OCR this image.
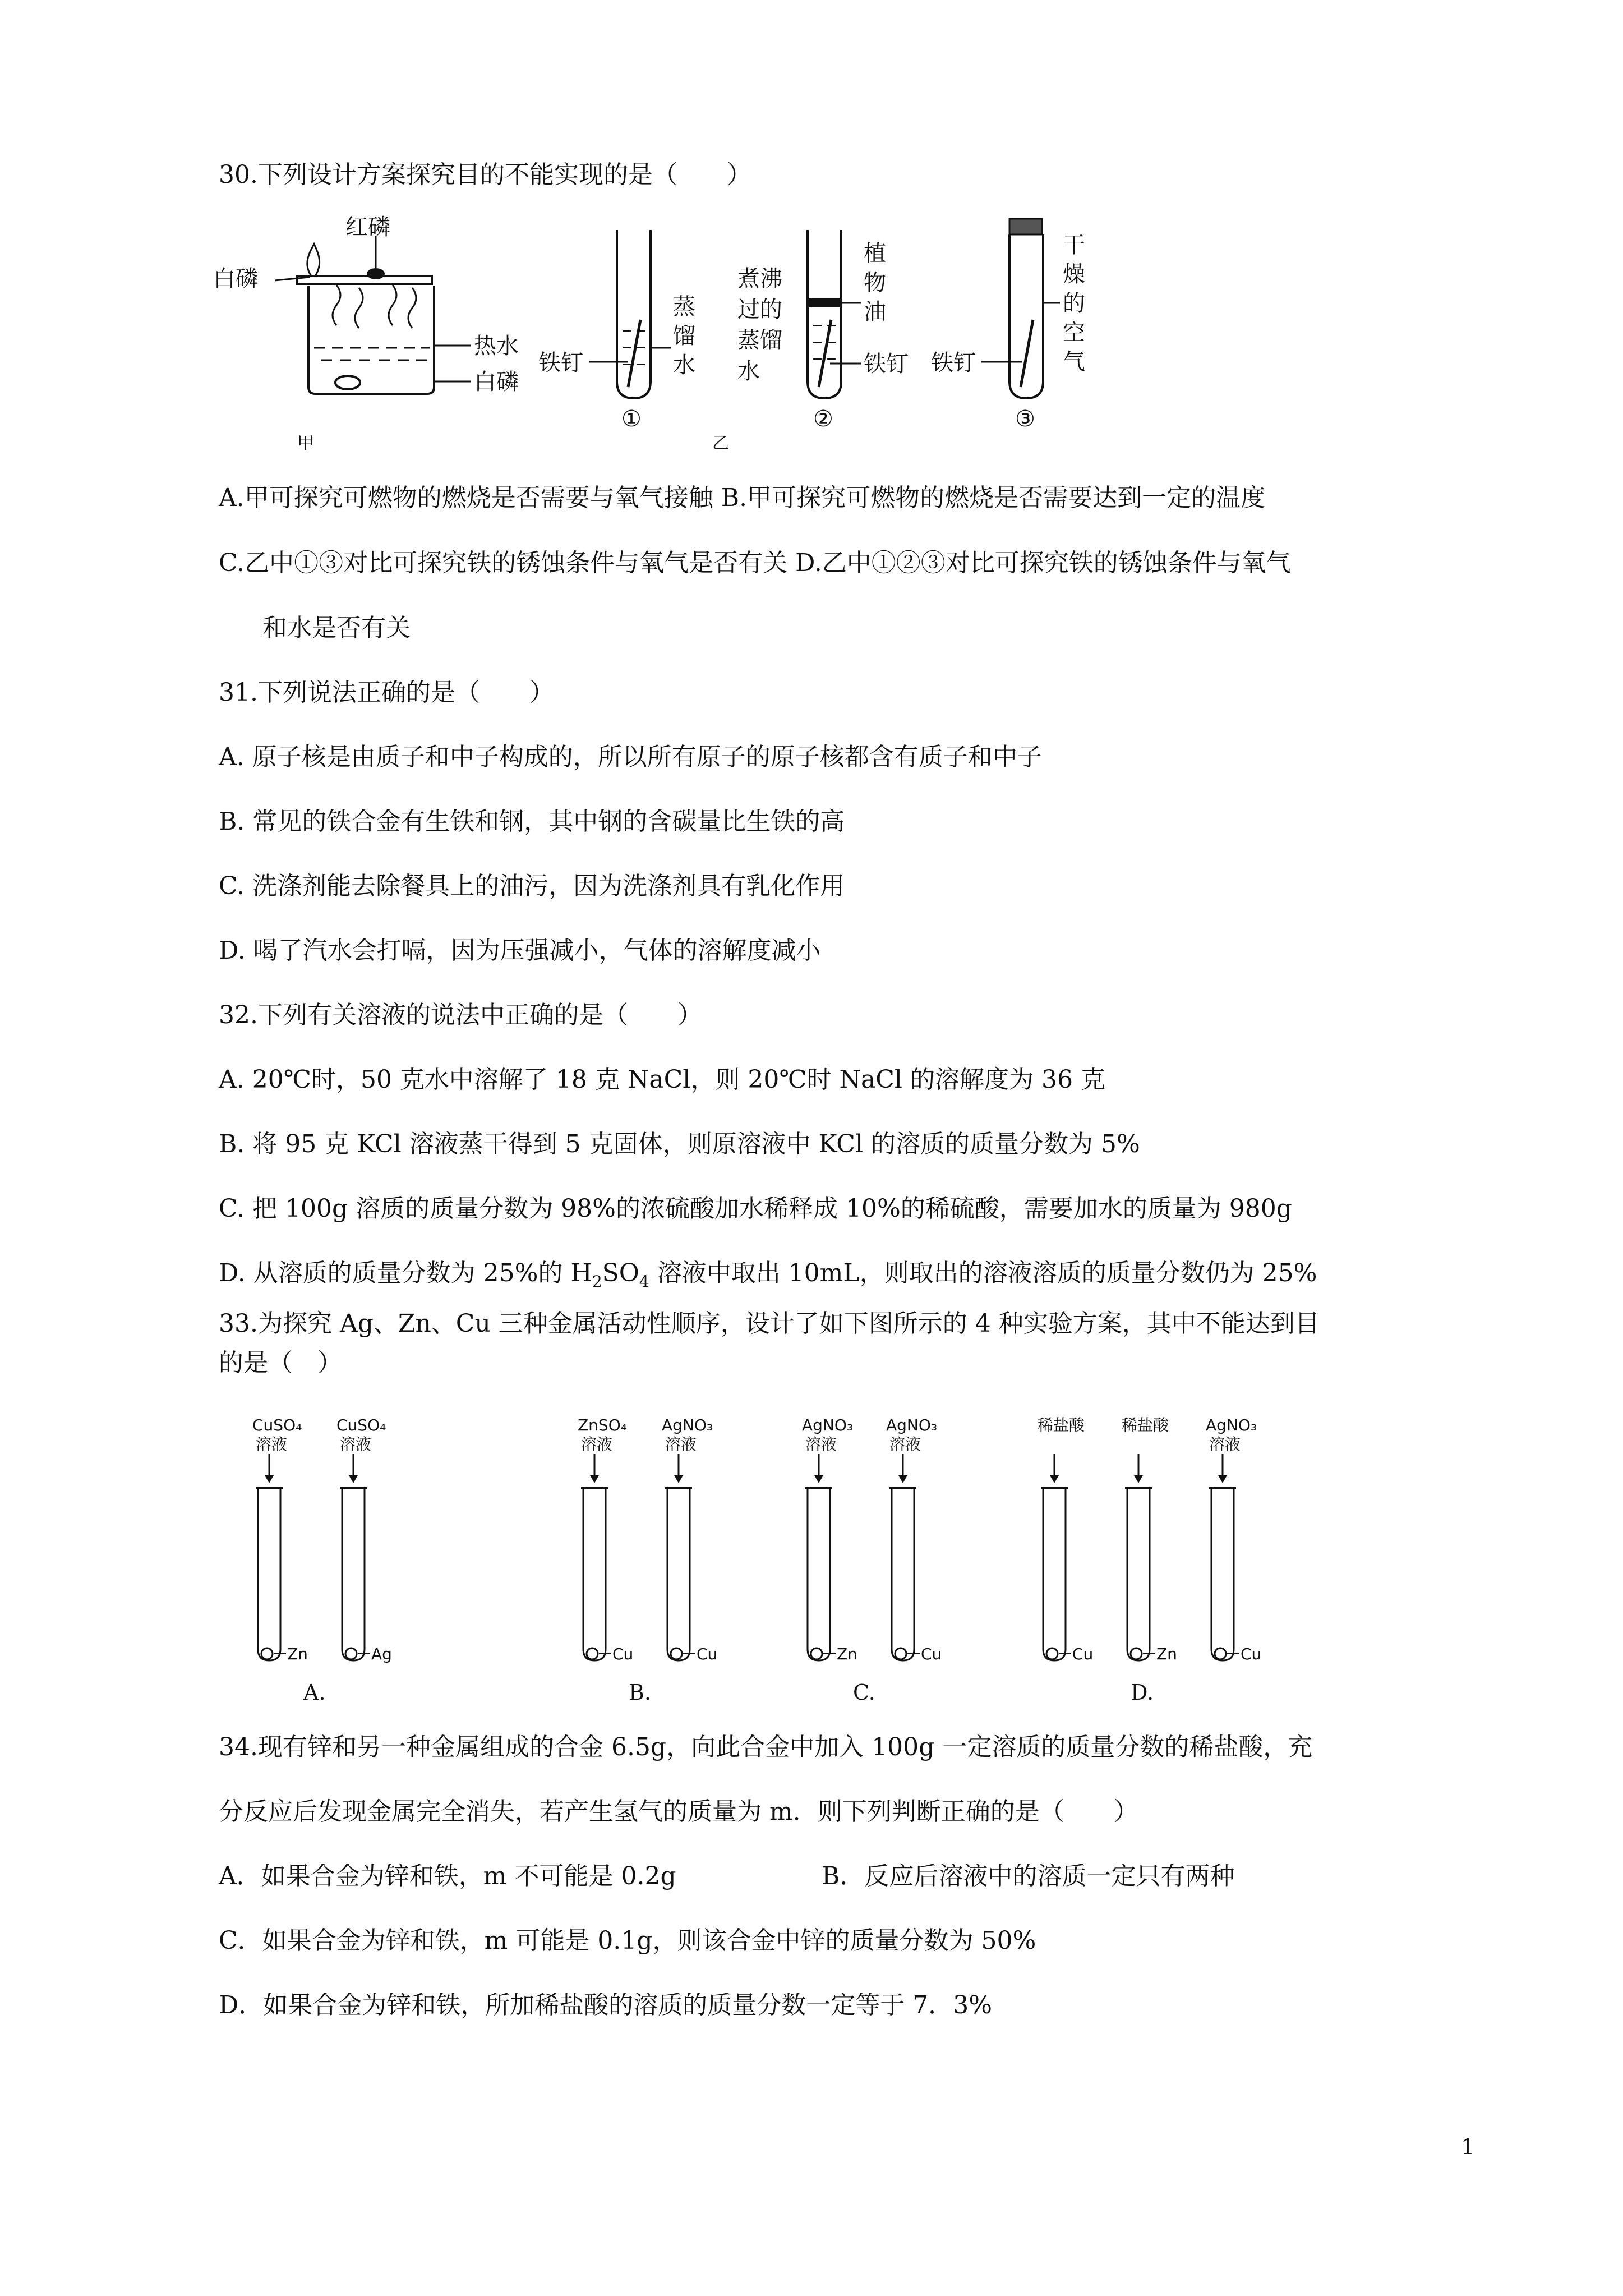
30.下列设计方案探究目的不能实现的是（　　）
红磷
白磷
热水
白磷
甲
铁钉
蒸
馏
水
①
煮沸
过的
蒸馏
水
植
物
油
铁钉
②
铁钉
干
燥
的
空
气
③
乙
A.甲可探究可燃物的燃烧是否需要与氧气接触 B.甲可探究可燃物的燃烧是否需要达到一定的温度
C.乙中①③对比可探究铁的锈蚀条件与氧气是否有关 D.乙中①②③对比可探究铁的锈蚀条件与氧气
和水是否有关
31.下列说法正确的是（　　）
A. 原子核是由质子和中子构成的，所以所有原子的原子核都含有质子和中子
B. 常见的铁合金有生铁和钢，其中钢的含碳量比生铁的高
C. 洗涤剂能去除餐具上的油污，因为洗涤剂具有乳化作用
D. 喝了汽水会打嗝，因为压强减小，气体的溶解度减小
32.下列有关溶液的说法中正确的是（　　）
A. 20℃时，50 克水中溶解了 18 克 NaCl，则 20℃时 NaCl 的溶解度为 36 克
B. 将 95 克 KCl 溶液蒸干得到 5 克固体，则原溶液中 KCl 的溶质的质量分数为 5%
C. 把 100g 溶质的质量分数为 98%的浓硫酸加水稀释成 10%的稀硫酸，需要加水的质量为 980g
D. 从溶质的质量分数为 25%的 $H_2SO_4$ 溶液中取出 10mL，则取出的溶液溶质的质量分数仍为 25%
33.为探究 Ag、Zn、Cu 三种金属活动性顺序，设计了如下图所示的 4 种实验方案，其中不能达到目
的是（　）
CuSO₄
溶液
Zn
CuSO₄
溶液
Ag
A.
ZnSO₄
溶液
Cu
AgNO₃
溶液
Cu
B.
AgNO₃
溶液
Zn
AgNO₃
溶液
Cu
C.
稀盐酸
Cu
稀盐酸
Zn
AgNO₃
溶液
Cu
D.
34.现有锌和另一种金属组成的合金 6.5g，向此合金中加入 100g 一定溶质的质量分数的稀盐酸，充
分反应后发现金属完全消失，若产生氢气的质量为 m．则下列判断正确的是（　　）
A．如果合金为锌和铁，m 不可能是 0.2g	B．反应后溶液中的溶质一定只有两种
C．如果合金为锌和铁，m 可能是 0.1g，则该合金中锌的质量分数为 50%
D．如果合金为锌和铁，所加稀盐酸的溶质的质量分数一定等于 7．3%
1
